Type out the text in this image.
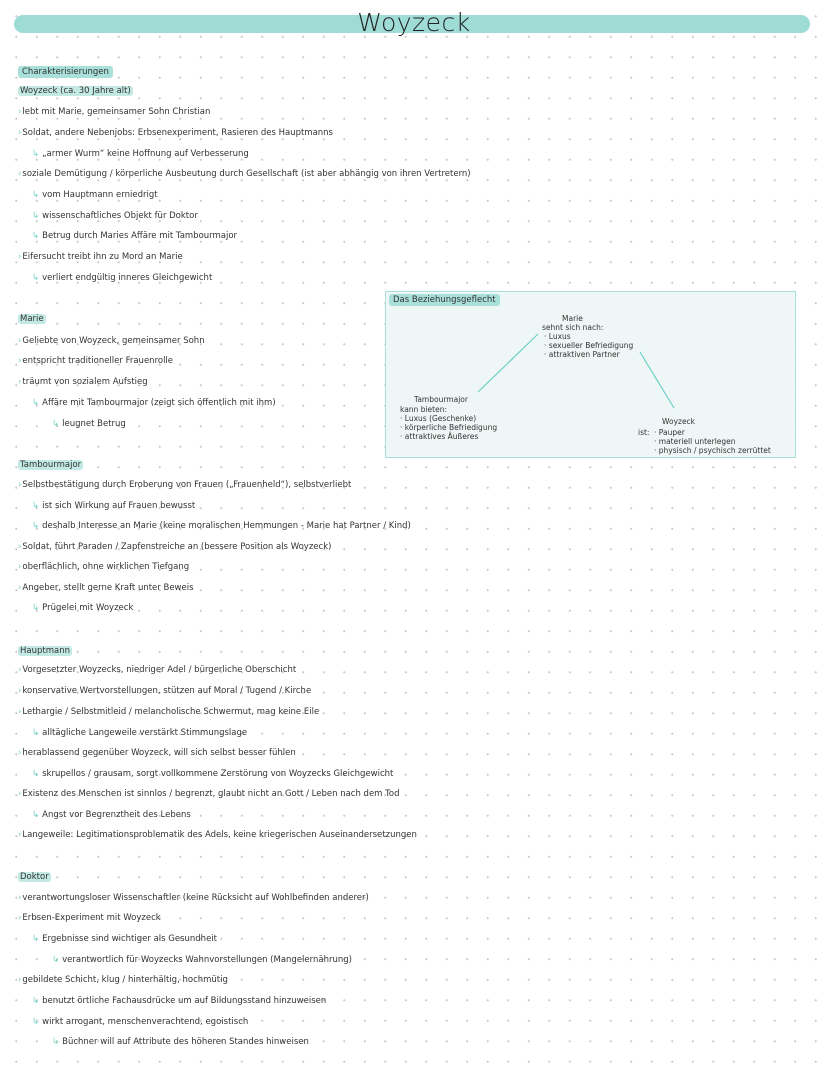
Woyzeck
Charakterisierungen
Woyzeck (ca. 30 Jahre alt)
›lebt mit Marie, gemeinsamer Sohn Christian
›Soldat, andere Nebenjobs: Erbsenexperiment, Rasieren des Hauptmanns
↳ „armer Wurm“ keine Hoffnung auf Verbesserung
›soziale Demütigung / körperliche Ausbeutung durch Gesellschaft (ist aber abhängig von ihren Vertretern)
↳ vom Hauptmann erniedrigt
↳ wissenschaftliches Objekt für Doktor
↳ Betrug durch Maries Affäre mit Tambourmajor
›Eifersucht treibt ihn zu Mord an Marie
↳ verliert endgültig inneres Gleichgewicht
Marie
›Geliebte von Woyzeck, gemeinsamer Sohn
›entspricht traditioneller Frauenrolle
›träumt von sozialem Aufstieg
↳ Affäre mit Tambourmajor (zeigt sich öffentlich mit ihm)
↳ leugnet Betrug
Tambourmajor
›Selbstbestätigung durch Eroberung von Frauen („Frauenheld“), selbstverliebt
↳ ist sich Wirkung auf Frauen bewusst
↳ deshalb Interesse an Marie (keine moralischen Hemmungen - Marie hat Partner / Kind)
›Soldat, führt Paraden / Zapfenstreiche an (bessere Position als Woyzeck)
›oberflächlich, ohne wirklichen Tiefgang
›Angeber, stellt gerne Kraft unter Beweis
↳ Prügelei mit Woyzeck
Hauptmann
›Vorgesetzter Woyzecks, niedriger Adel / bürgerliche Oberschicht
›konservative Wertvorstellungen, stützen auf Moral / Tugend / Kirche
›Lethargie / Selbstmitleid / melancholische Schwermut, mag keine Eile
↳ alltägliche Langeweile verstärkt Stimmungslage
›herablassend gegenüber Woyzeck, will sich selbst besser fühlen
↳ skrupellos / grausam, sorgt vollkommene Zerstörung von Woyzecks Gleichgewicht
›Existenz des Menschen ist sinnlos / begrenzt, glaubt nicht an Gott / Leben nach dem Tod
↳ Angst vor Begrenztheit des Lebens
›Langeweile: Legitimationsproblematik des Adels, keine kriegerischen Auseinandersetzungen
Doktor
›verantwortungsloser Wissenschaftler (keine Rücksicht auf Wohlbefinden anderer)
›Erbsen-Experiment mit Woyzeck
↳ Ergebnisse sind wichtiger als Gesundheit
↳ verantwortlich für Woyzecks Wahnvorstellungen (Mangelernährung)
›gebildete Schicht, klug / hinterhältig, hochmütig
↳ benutzt örtliche Fachausdrücke um auf Bildungsstand hinzuweisen
↳ wirkt arrogant, menschenverachtend, egoistisch
↳ Büchner will auf Attribute des höheren Standes hinweisen
Das Beziehungsgeflecht
Marie
sehnt sich nach:
· Luxus
· sexueller Befriedigung
· attraktiven Partner
Tambourmajor
kann bieten:
· Luxus (Geschenke)
· körperliche Befriedigung
· attraktives Äußeres
Woyzeck
ist: · Pauper
· materiell unterlegen
· physisch / psychisch zerrüttet
